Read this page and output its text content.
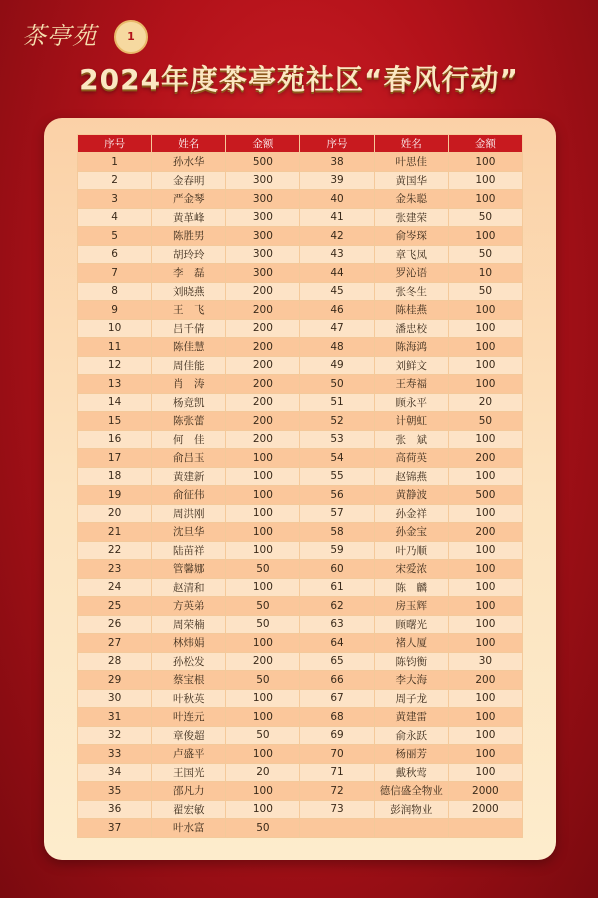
茶亭苑	1
2024年度茶亭苑社区“春风行动”
序号	姓名	金额	序号	姓名	金额
1	孙水华	500	38	叶思佳	100
2	金春明	300	39	黄国华	100
3	严金琴	300	40	金朱聪	100
4	黄革峰	300	41	张建荣	50
5	陈胜男	300	42	俞岑琛	100
6	胡玲玲	300	43	章飞凤	50
7	李　磊	300	44	罗沁语	10
8	刘晓燕	200	45	张冬生	50
9	王　飞	200	46	陈桂燕	100
10	吕千倩	200	47	潘忠校	100
11	陈佳慧	200	48	陈海鸿	100
12	周佳能	200	49	刘鲜文	100
13	肖　涛	200	50	王寿福	100
14	杨竟凯	200	51	顾永平	20
15	陈张蕾	200	52	计朝虹	50
16	何　佳	200	53	张　斌	100
17	俞吕玉	100	54	高荷英	200
18	黄建新	100	55	赵锦燕	100
19	俞征伟	100	56	黄静波	500
20	周洪刚	100	57	孙金祥	100
21	沈旦华	100	58	孙金宝	200
22	陆苗祥	100	59	叶乃顺	100
23	管馨娜	50	60	宋爱浓	100
24	赵清和	100	61	陈　麟	100
25	方英弟	50	62	房玉辉	100
26	周荣楠	50	63	顾曙光	100
27	林炜娟	100	64	褚人厦	100
28	孙松发	200	65	陈钧衡	30
29	蔡宝根	50	66	李大海	200
30	叶秋英	100	67	周子龙	100
31	叶连元	100	68	黄建雷	100
32	章俊超	50	69	俞永跃	100
33	卢盛平	100	70	杨丽芳	100
34	王国光	20	71	戴秋莺	100
35	邵凡力	100	72	德信盛全物业	2000
36	翟宏敏	100	73	彭润物业	2000
37	叶水富	50			
